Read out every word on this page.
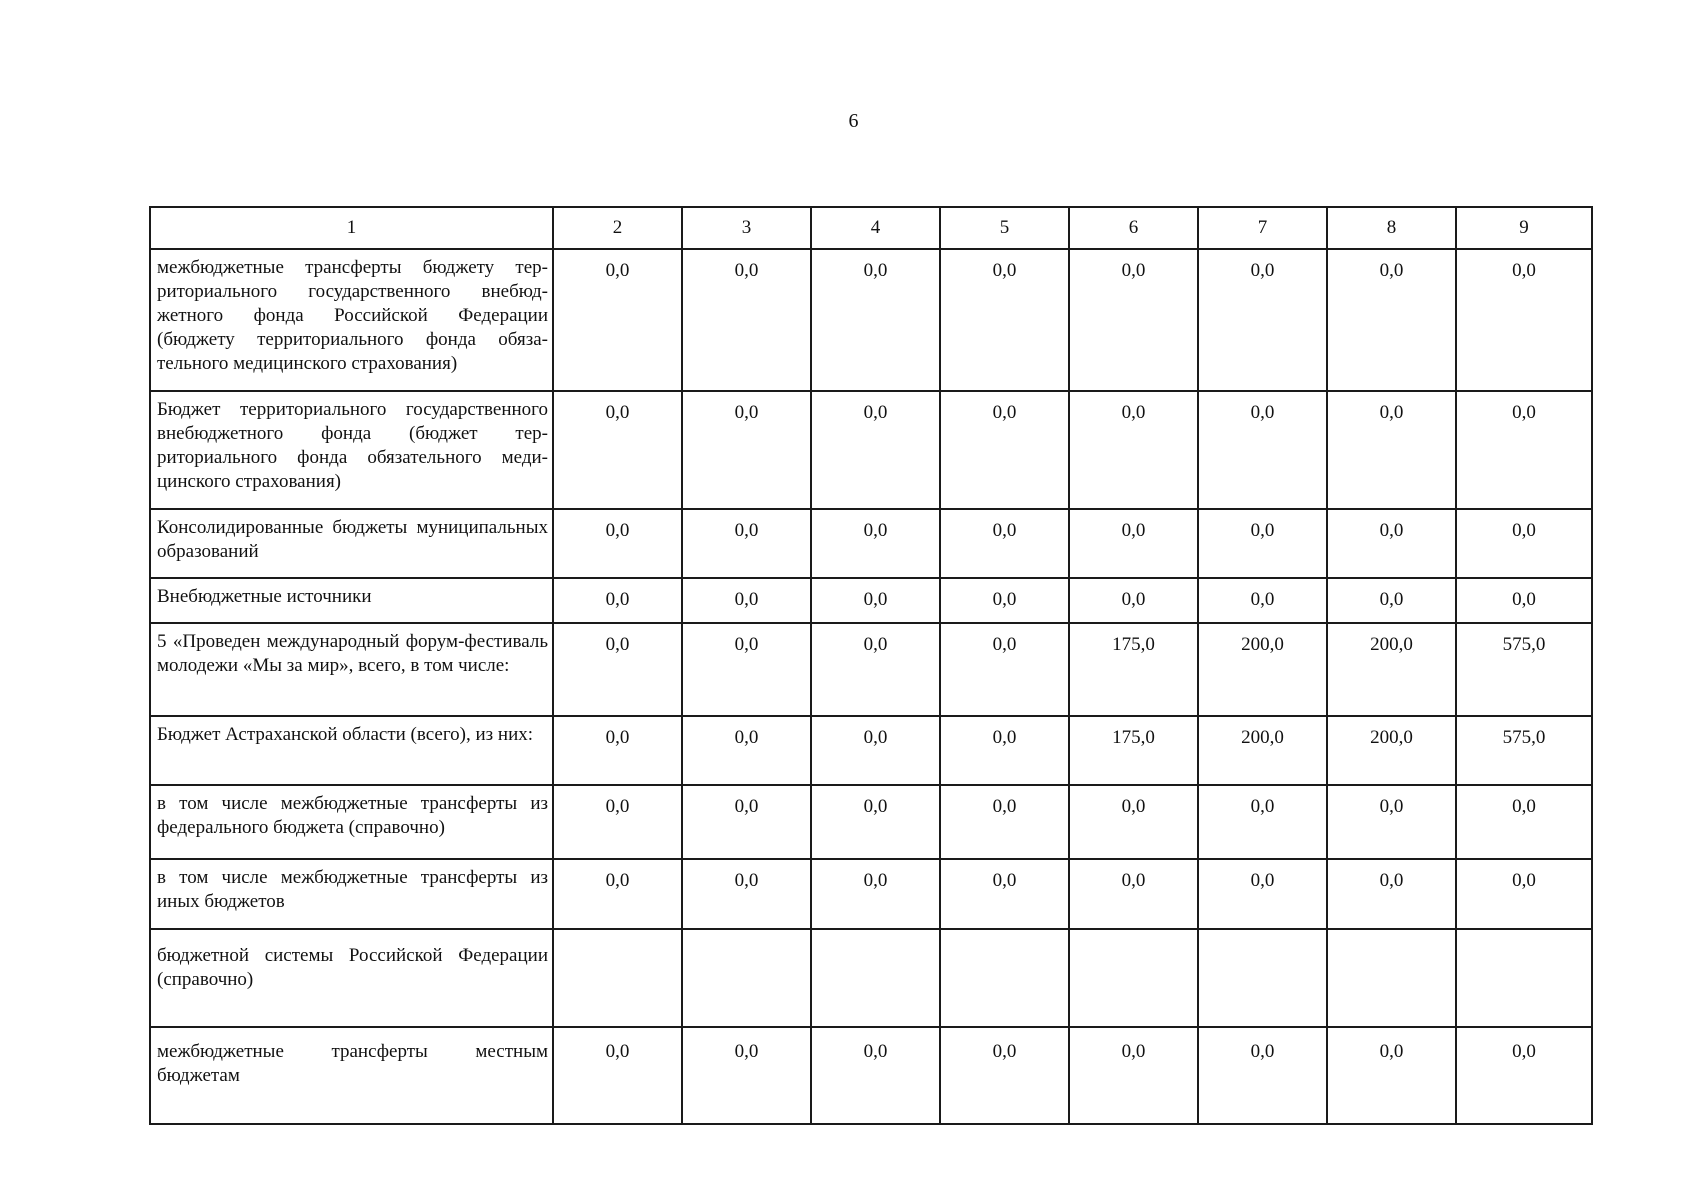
6
1	2	3	4	5	6	7	8	9
межбюджетные трансферты бюджету территориального государственного внебюджетного фонда Российской Федерации (бюджету территориального фонда обязательного медицинского страхования)	0,0	0,0	0,0	0,0	0,0	0,0	0,0	0,0
Бюджет территориального государственного внебюджетного фонда (бюджет территориального фонда обязательного медицинского страхования)	0,0	0,0	0,0	0,0	0,0	0,0	0,0	0,0
Консолидированные бюджеты муниципальных образований	0,0	0,0	0,0	0,0	0,0	0,0	0,0	0,0
Внебюджетные источники	0,0	0,0	0,0	0,0	0,0	0,0	0,0	0,0
5 «Проведен международный форум-фестиваль молодежи «Мы за мир», всего, в том числе:	0,0	0,0	0,0	0,0	175,0	200,0	200,0	575,0
Бюджет Астраханской области (всего), из них:	0,0	0,0	0,0	0,0	175,0	200,0	200,0	575,0
в том числе межбюджетные трансферты из федерального бюджета (справочно)	0,0	0,0	0,0	0,0	0,0	0,0	0,0	0,0
в том числе межбюджетные трансферты из иных бюджетов	0,0	0,0	0,0	0,0	0,0	0,0	0,0	0,0
бюджетной системы Российской Федерации (справочно)								
межбюджетные трансферты местным бюджетам	0,0	0,0	0,0	0,0	0,0	0,0	0,0	0,0
